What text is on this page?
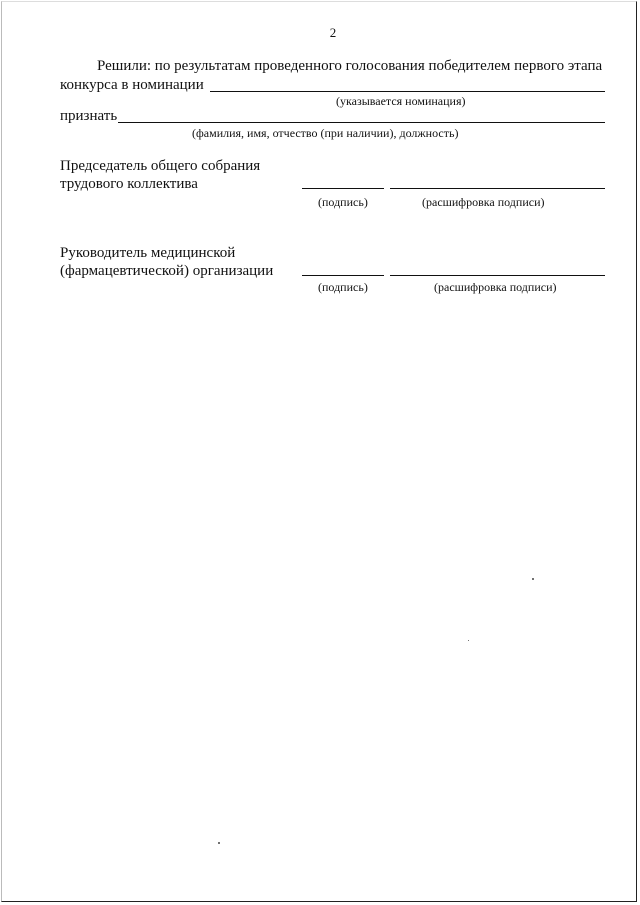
2
Решили: по результатам проведенного голосования победителем первого этапа
конкурса в номинации
(указывается номинация)
признать
(фамилия, имя, отчество (при наличии), должность)
Председатель общего собрания
трудового коллектива
(подпись)	(расшифровка подписи)
Руководитель медицинской
(фармацевтической) организации
(подпись)	(расшифровка подписи)
